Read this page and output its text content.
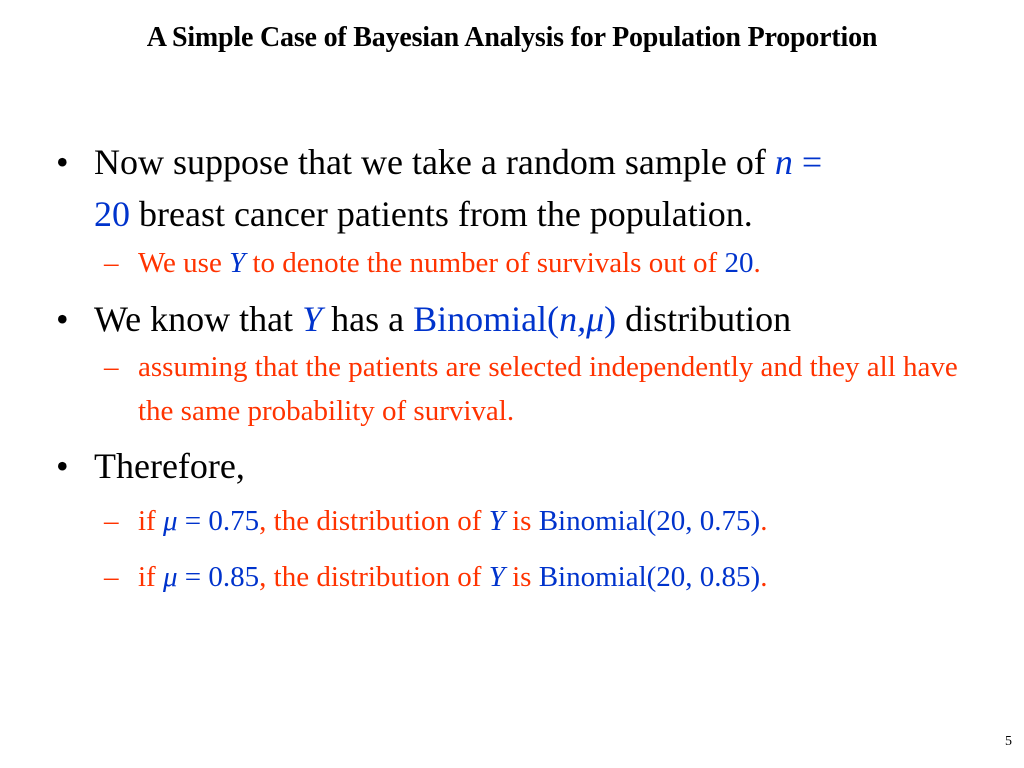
A Simple Case of Bayesian Analysis for Population Proportion
• Now suppose that we take a random sample of n =
20 breast cancer patients from the population.
– We use Y to denote the number of survivals out of 20.
• We know that Y has a Binomial(n,μ) distribution
– assuming that the patients are selected independently and they all have the same probability of survival.
• Therefore,
– if μ = 0.75, the distribution of Y is Binomial(20, 0.75).
– if μ = 0.85, the distribution of Y is Binomial(20, 0.85).
5
